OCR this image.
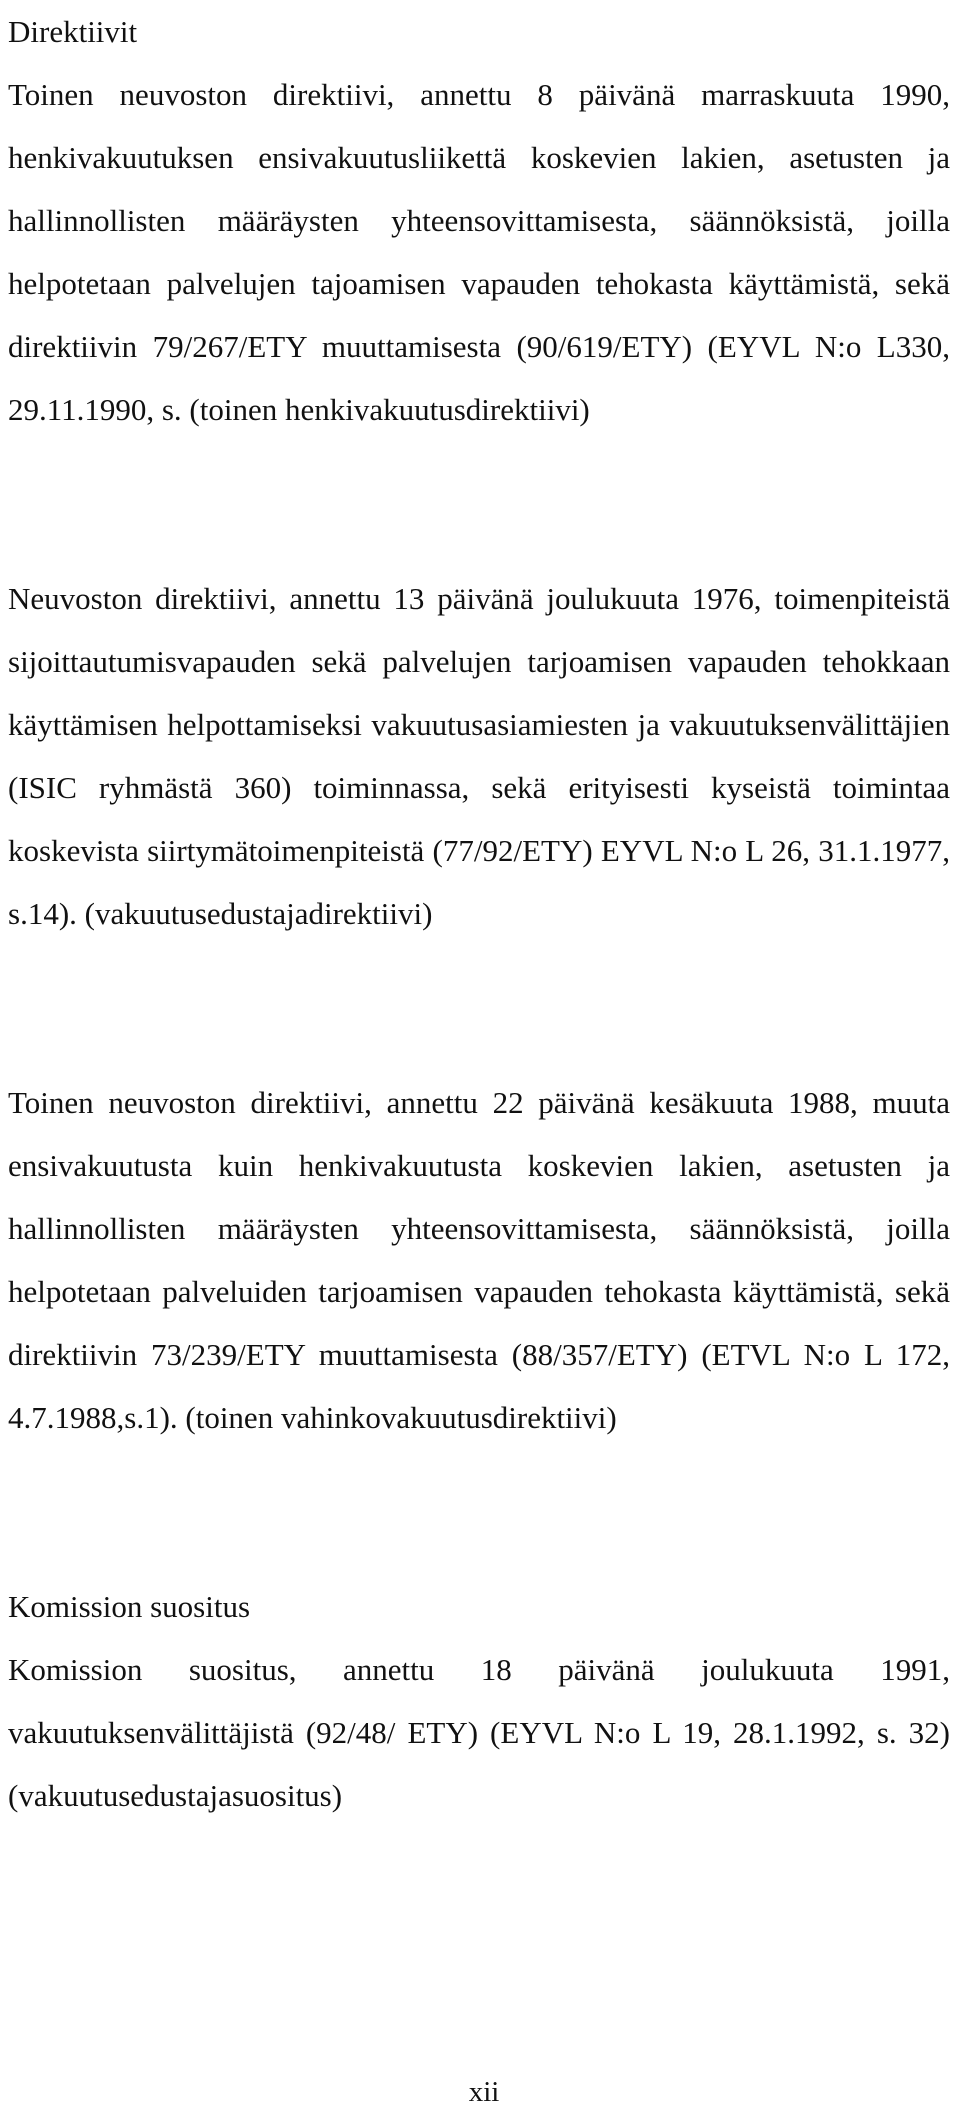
Direktiivit

Toinen neuvoston direktiivi, annettu 8 päivänä marraskuuta 1990, henkivakuutuksen ensivakuutusliikettä koskevien lakien, asetusten ja hallinnollisten määräysten yhteensovittamisesta, säännöksistä, joilla helpotetaan palvelujen tajoamisen vapauden tehokasta käyttämistä, sekä direktiivin 79/267/ETY muuttamisesta (90/619/ETY) (EYVL N:o L330, 29.11.1990, s. (toinen henkivakuutusdirektiivi)

Neuvoston direktiivi, annettu 13 päivänä joulukuuta 1976, toimenpiteistä sijoittautumisvapauden sekä palvelujen tarjoamisen vapauden tehokkaan käyttämisen helpottamiseksi vakuutusasiamiesten ja vakuutuksenvälittäjien (ISIC ryhmästä 360) toiminnassa, sekä erityisesti kyseistä toimintaa koskevista siirtymätoimenpiteistä (77/92/ETY) EYVL N:o L 26, 31.1.1977, s.14). (vakuutusedustajadirektiivi)

Toinen neuvoston direktiivi, annettu 22 päivänä kesäkuuta 1988, muuta ensivakuutusta kuin henkivakuutusta koskevien lakien, asetusten ja hallinnollisten määräysten yhteensovittamisesta, säännöksistä, joilla helpotetaan palveluiden tarjoamisen vapauden tehokasta käyttämistä, sekä direktiivin 73/239/ETY muuttamisesta (88/357/ETY) (ETVL N:o L 172, 4.7.1988,s.1). (toinen vahinkovakuutusdirektiivi)

Komission suositus

Komission suositus, annettu 18 päivänä joulukuuta 1991, vakuutuksenvälittäjistä (92/48/ ETY) (EYVL N:o L 19, 28.1.1992, s. 32) (vakuutusedustajasuositus)

xii
